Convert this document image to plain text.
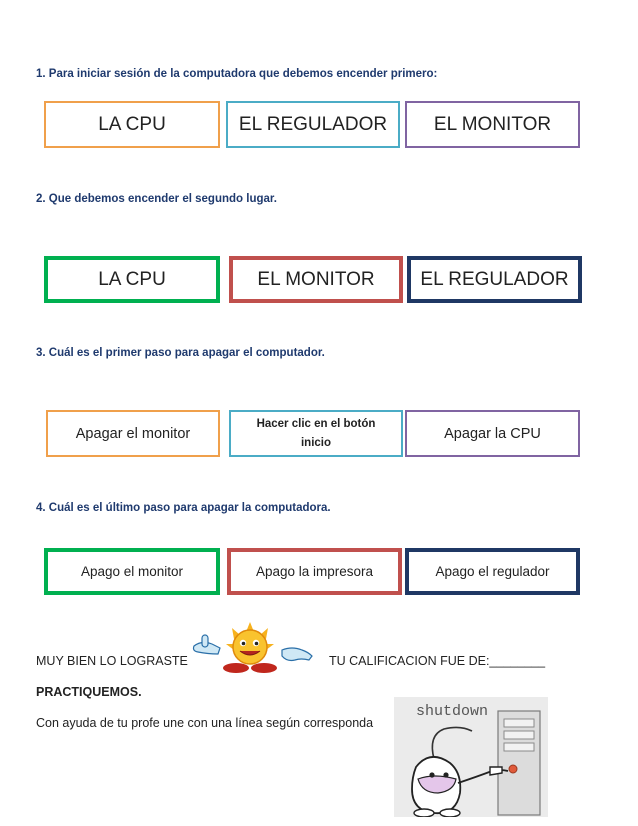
1. Para iniciar sesión de la computadora que debemos encender primero:
LA CPU	EL REGULADOR	EL MONITOR
2. Que debemos encender el segundo lugar.
LA CPU	EL MONITOR	EL REGULADOR
3. Cuál es el primer paso para apagar el computador.
Apagar el monitor
Hacer clic en el botón inicio
Apagar la CPU
4. Cuál es el último paso para apagar la computadora.
Apago el monitor	Apago la impresora	Apago el regulador
MUY BIEN LO LOGRASTE	TU CALIFICACION FUE DE:________
PRACTIQUEMOS.
Con ayuda de tu profe une con una línea según corresponda
shutdown
